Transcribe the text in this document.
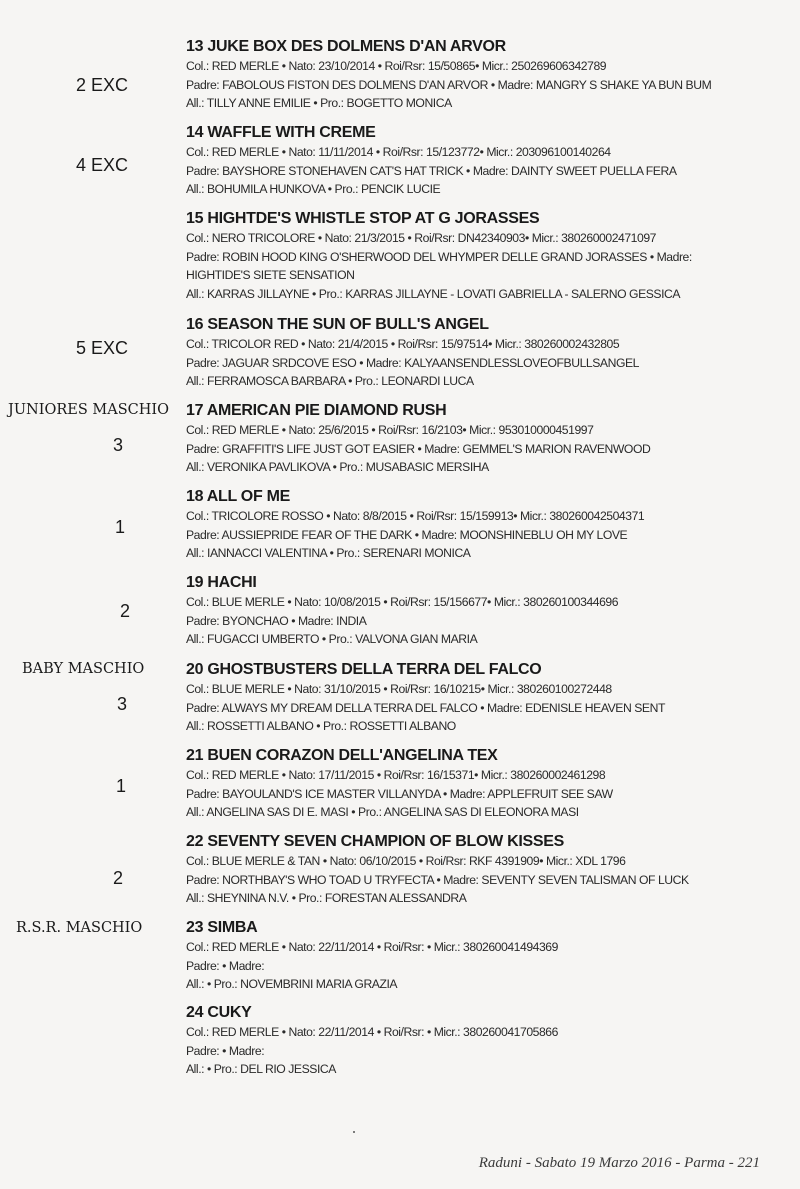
13 JUKE BOX DES DOLMENS D'AN ARVOR
Col.: RED MERLE • Nato: 23/10/2014 • Roi/Rsr: 15/50865• Micr.: 250269606342789
Padre: FABOLOUS FISTON DES DOLMENS D'AN ARVOR • Madre: MANGRY S SHAKE YA BUN BUM
All.: TILLY ANNE EMILIE • Pro.: BOGETTO MONICA
14 WAFFLE WITH CREME
Col.: RED MERLE • Nato: 11/11/2014 • Roi/Rsr: 15/123772• Micr.: 203096100140264
Padre: BAYSHORE STONEHAVEN CAT'S HAT TRICK • Madre: DAINTY SWEET PUELLA FERA
All.: BOHUMILA HUNKOVA • Pro.: PENCIK LUCIE
15 HIGHTDE'S WHISTLE STOP AT G JORASSES
Col.: NERO TRICOLORE • Nato: 21/3/2015 • Roi/Rsr: DN42340903• Micr.: 380260002471097
Padre: ROBIN HOOD KING O'SHERWOOD DEL WHYMPER DELLE GRAND JORASSES • Madre:
HIGHTIDE'S SIETE SENSATION
All.: KARRAS JILLAYNE • Pro.: KARRAS JILLAYNE - LOVATI GABRIELLA - SALERNO GESSICA
16 SEASON THE SUN OF BULL'S ANGEL
Col.: TRICOLOR RED • Nato: 21/4/2015 • Roi/Rsr: 15/97514• Micr.: 380260002432805
Padre: JAGUAR SRDCOVE ESO • Madre: KALYAANSENDLESSLOVEOFBULLSANGEL
All.: FERRAMOSCA BARBARA • Pro.: LEONARDI LUCA
17 AMERICAN PIE DIAMOND RUSH
Col.: RED MERLE • Nato: 25/6/2015 • Roi/Rsr: 16/2103• Micr.: 953010000451997
Padre: GRAFFITI'S LIFE JUST GOT EASIER • Madre: GEMMEL'S MARION RAVENWOOD
All.: VERONIKA PAVLIKOVA • Pro.: MUSABASIC MERSIHA
18 ALL OF ME
Col.: TRICOLORE ROSSO • Nato: 8/8/2015 • Roi/Rsr: 15/159913• Micr.: 380260042504371
Padre: AUSSIEPRIDE FEAR OF THE DARK • Madre: MOONSHINEBLU OH MY LOVE
All.: IANNACCI VALENTINA • Pro.: SERENARI MONICA
19 HACHI
Col.: BLUE MERLE • Nato: 10/08/2015 • Roi/Rsr: 15/156677• Micr.: 380260100344696
Padre: BYONCHAO • Madre: INDIA
All.: FUGACCI UMBERTO • Pro.: VALVONA GIAN MARIA
20 GHOSTBUSTERS DELLA TERRA DEL FALCO
Col.: BLUE MERLE • Nato: 31/10/2015 • Roi/Rsr: 16/10215• Micr.: 380260100272448
Padre: ALWAYS MY DREAM DELLA TERRA DEL FALCO • Madre: EDENISLE HEAVEN SENT
All.: ROSSETTI ALBANO • Pro.: ROSSETTI ALBANO
21 BUEN CORAZON DELL'ANGELINA TEX
Col.: RED MERLE • Nato: 17/11/2015 • Roi/Rsr: 16/15371• Micr.: 380260002461298
Padre: BAYOULAND'S ICE MASTER VILLANYDA • Madre: APPLEFRUIT SEE SAW
All.: ANGELINA SAS DI E. MASI • Pro.: ANGELINA SAS DI ELEONORA MASI
22 SEVENTY SEVEN CHAMPION OF BLOW KISSES
Col.: BLUE MERLE & TAN • Nato: 06/10/2015 • Roi/Rsr: RKF 4391909• Micr.: XDL 1796
Padre: NORTHBAY'S WHO TOAD U TRYFECTA • Madre: SEVENTY SEVEN TALISMAN OF LUCK
All.: SHEYNINA N.V. • Pro.: FORESTAN ALESSANDRA
23 SIMBA
Col.: RED MERLE • Nato: 22/11/2014 • Roi/Rsr: • Micr.: 380260041494369
Padre: • Madre:
All.: • Pro.: NOVEMBRINI MARIA GRAZIA
24 CUKY
Col.: RED MERLE • Nato: 22/11/2014 • Roi/Rsr: • Micr.: 380260041705866
Padre: • Madre:
All.: • Pro.: DEL RIO JESSICA
2 EXC
4 EXC
5 EXC
3
1
2
3
1
2
JUNIORES MASCHIO
BABY MASCHIO
R.S.R. MASCHIO
Raduni - Sabato 19 Marzo 2016 - Parma - 221
